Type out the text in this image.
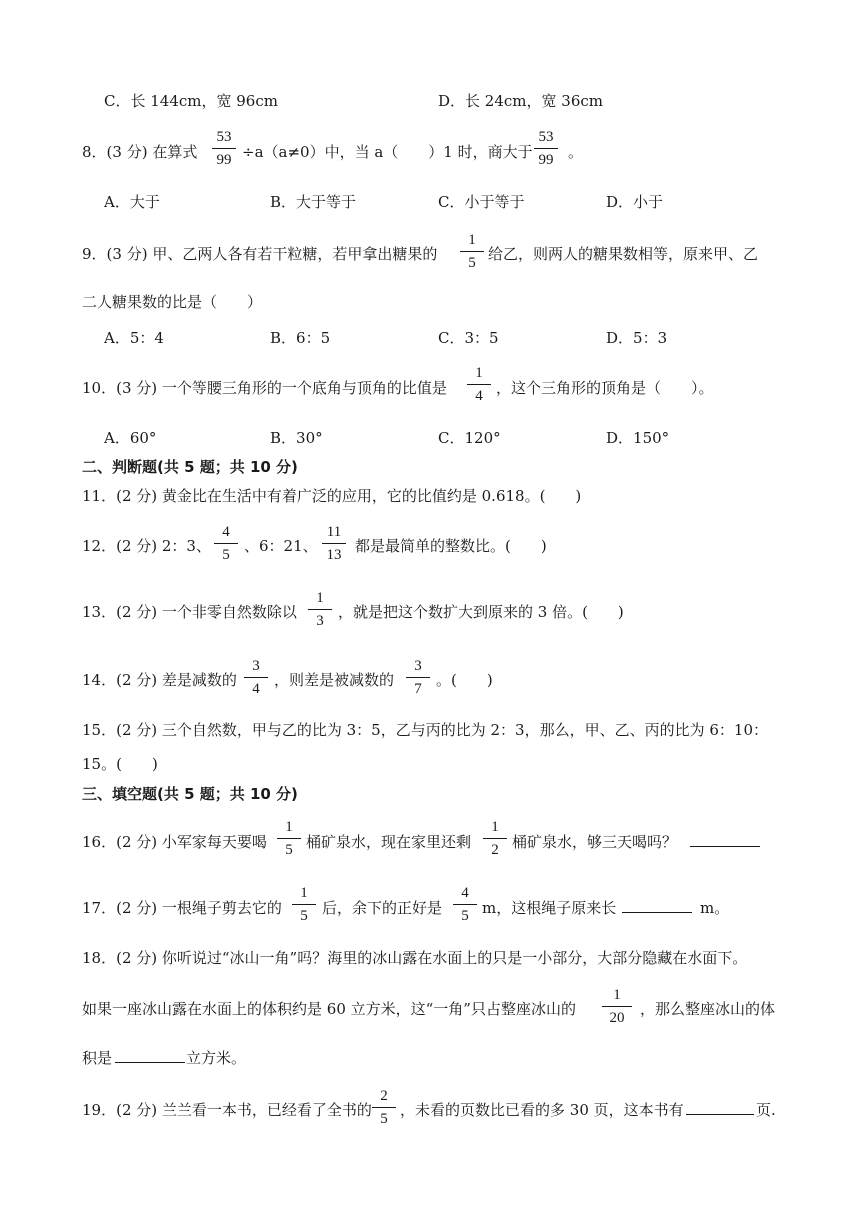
C．长 144cm，宽 96cm	D．长 24cm，宽 36cm
8．(3 分) 在算式
53
99 ÷a（a≠0）中，当 a（　　）1 时，商大于
53
99 。
A．大于	B．大于等于	C．小于等于	D．小于
9．(3 分) 甲、乙两人各有若干粒糖，若甲拿出糖果的
1
5 给乙，则两人的糖果数相等，原来甲、乙
二人糖果数的比是（　　）
A．5：4	B．6：5	C．3：5	D．5：3
10．(3 分) 一个等腰三角形的一个底角与顶角的比值是
1
4 ，这个三角形的顶角是（　　）。
A．60°	B．30°	C．120°	D．150°
二、判断题(共 5 题；共 10 分)
11．(2 分) 黄金比在生活中有着广泛的应用，它的比值约是 0.618。(　　)
12．(2 分) 2：3、
4
5 、6：21、
11
13 都是最简单的整数比。(　　)
13．(2 分) 一个非零自然数除以
1
3 ，就是把这个数扩大到原来的 3 倍。(　　)
14．(2 分) 差是减数的
3
4 ，则差是被减数的
3
7 。(　　)
15．(2 分) 三个自然数，甲与乙的比为 3：5，乙与丙的比为 2：3，那么，甲、乙、丙的比为 6：10：
15。(　　)
三、填空题(共 5 题；共 10 分)
16．(2 分) 小军家每天要喝
1
5 桶矿泉水，现在家里还剩
1
2 桶矿泉水，够三天喝吗？
17．(2 分) 一根绳子剪去它的
1
5 后，余下的正好是
4
5 m，这根绳子原来长	m。
18．(2 分) 你听说过“冰山一角”吗？海里的冰山露在水面上的只是一小部分，大部分隐藏在水面下。
如果一座冰山露在水面上的体积约是 60 立方米，这“一角”只占整座冰山的
1
20	，那么整座冰山的体
积是	立方米。
19．(2 分) 兰兰看一本书，已经看了全书的
2
5 ，未看的页数比已看的多 30 页，这本书有	页.
